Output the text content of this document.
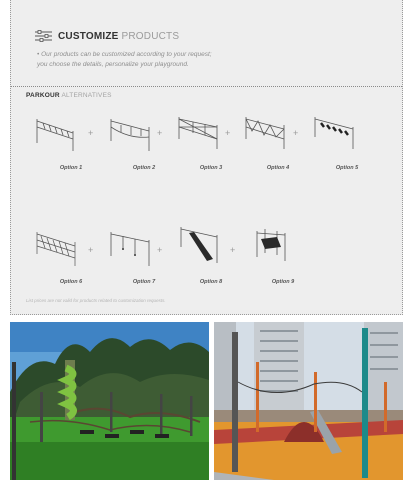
CUSTOMIZE PRODUCTS
• Our products can be customized according to your request;
you choose the details, personalize your playground.
PARKOUR ALTERNATIVES
Option 1
+
Option 2
+
Option 3
+
Option 4
+
Option 5
Option 6
+
Option 7
+
Option 8
+
Option 9
List prices are not valid for products related to customization requests.
